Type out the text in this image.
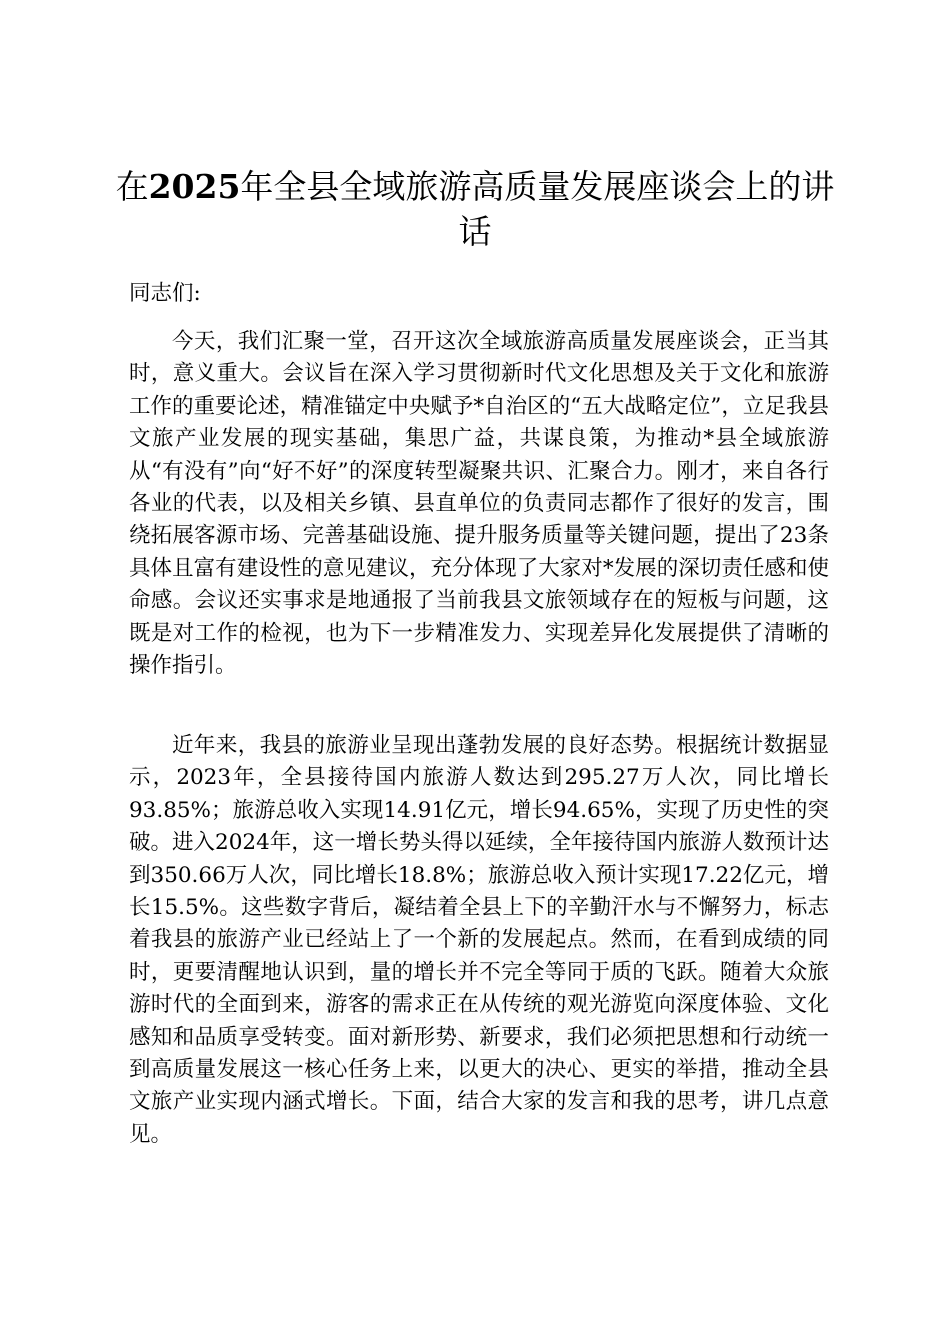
在2025年全县全域旅游高质量发展座谈会上的讲话

同志们:

今天，我们汇聚一堂，召开这次全域旅游高质量发展座谈会，正当其时，意义重大。会议旨在深入学习贯彻新时代文化思想及关于文化和旅游工作的重要论述，精准锚定中央赋予*自治区的“五大战略定位”，立足我县文旅产业发展的现实基础，集思广益，共谋良策，为推动*县全域旅游从“有没有”向“好不好”的深度转型凝聚共识、汇聚合力。刚才，来自各行各业的代表，以及相关乡镇、县直单位的负责同志都作了很好的发言，围绕拓展客源市场、完善基础设施、提升服务质量等关键问题，提出了23条具体且富有建设性的意见建议，充分体现了大家对*发展的深切责任感和使命感。会议还实事求是地通报了当前我县文旅领域存在的短板与问题，这既是对工作的检视，也为下一步精准发力、实现差异化发展提供了清晰的操作指引。

近年来，我县的旅游业呈现出蓬勃发展的良好态势。根据统计数据显示，2023年，全县接待国内旅游人数达到295.27万人次，同比增长93.85%；旅游总收入实现14.91亿元，增长94.65%，实现了历史性的突破。进入2024年，这一增长势头得以延续，全年接待国内旅游人数预计达到350.66万人次，同比增长18.8%；旅游总收入预计实现17.22亿元，增长15.5%。这些数字背后，凝结着全县上下的辛勤汗水与不懈努力，标志着我县的旅游产业已经站上了一个新的发展起点。然而，在看到成绩的同时，更要清醒地认识到，量的增长并不完全等同于质的飞跃。随着大众旅游时代的全面到来，游客的需求正在从传统的观光游览向深度体验、文化感知和品质享受转变。面对新形势、新要求，我们必须把思想和行动统一到高质量发展这一核心任务上来，以更大的决心、更实的举措，推动全县文旅产业实现内涵式增长。下面，结合大家的发言和我的思考，讲几点意见。
